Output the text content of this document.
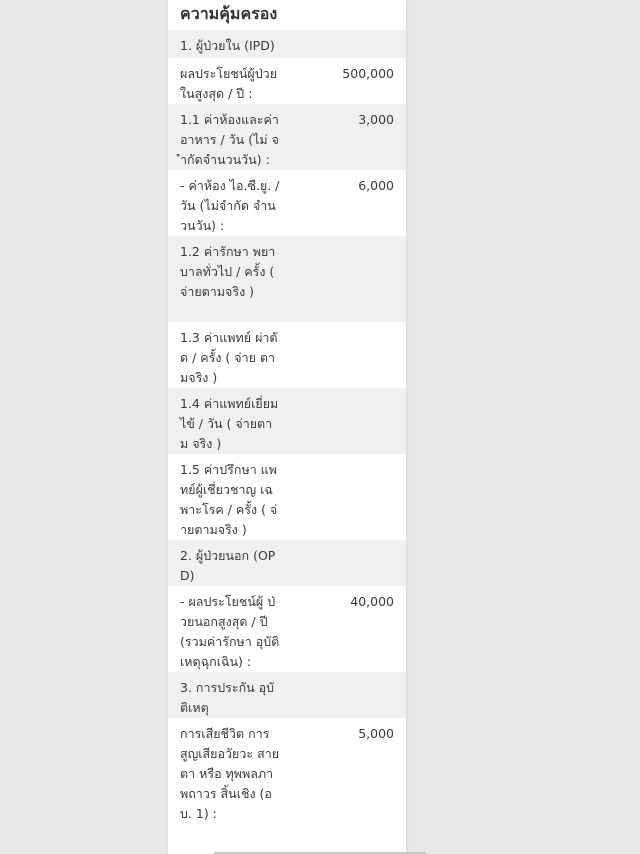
ความคุ้มครอง
1. ผู้ป่วยใน (IPD)
ผลประโยชน์ผู้ป่วย ในสูงสุด / ปี :
500,000
1.1 ค่าห้องและค่า อาหาร / วัน (ไม่ จำกัดจำนวนวัน) :
3,000
- ค่าห้อง ไอ.ซี.ยู. / วัน (ไม่จำกัด จำนวนวัน) :
6,000
1.2 ค่ารักษา พยาบาลทั่วไป / ครั้ง ( จ่ายตามจริง )
1.3 ค่าแพทย์ ผ่าตัด / ครั้ง ( จ่าย ตามจริง )
1.4 ค่าแพทย์เยี่ยม ไข้ / วัน ( จ่ายตาม จริง )
1.5 ค่าปรึกษา แพทย์ผู้เชี่ยวชาญ เฉพาะโรค / ครั้ง ( จ่ายตามจริง )
2. ผู้ป่วยนอก (OPD)
- ผลประโยชน์ผู้ ป่วยนอกสูงสุด / ปี (รวมค่ารักษา อุบัติเหตุฉุกเฉิน) :
40,000
3. การประกัน อุบัติเหตุ
การเสียชีวิต การ สูญเสียอวัยวะ สายตา หรือ ทุพพลภาพถาวร สิ้นเชิง (อบ. 1) :
5,000
